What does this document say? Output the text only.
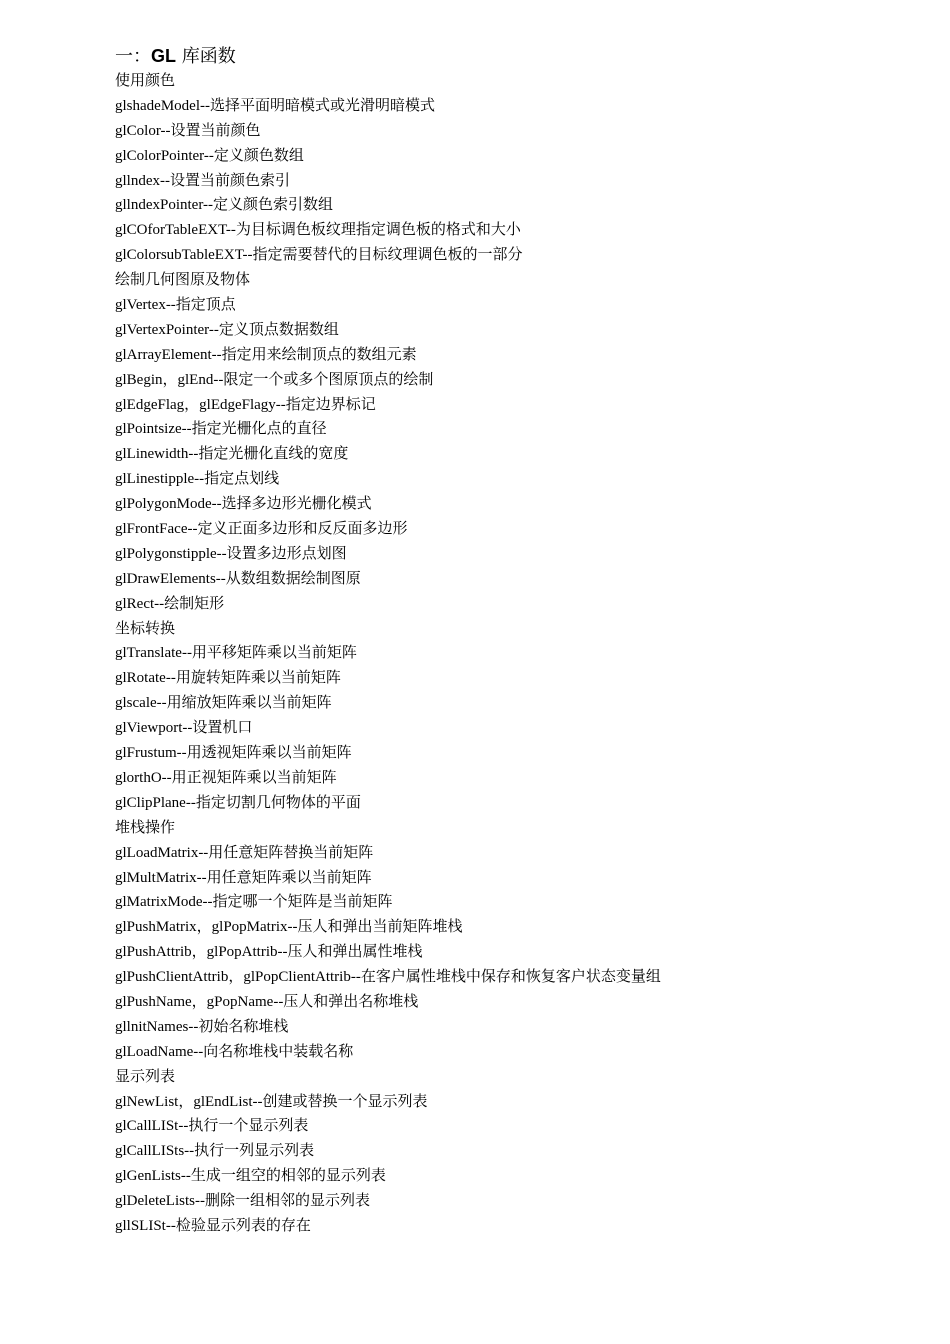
一：GL 库函数
使用颜色
glshadeModel--选择平面明暗模式或光滑明暗模式
glColor--设置当前颜色
glColorPointer--定义颜色数组
gllndex--设置当前颜色索引
gllndexPointer--定义颜色索引数组
glCOforTableEXT--为目标调色板纹理指定调色板的格式和大小
glColorsubTableEXT--指定需要替代的目标纹理调色板的一部分
绘制几何图原及物体
glVertex--指定顶点
glVertexPointer--定义顶点数据数组
glArrayElement--指定用来绘制顶点的数组元素
glBegin，glEnd--限定一个或多个图原顶点的绘制
glEdgeFlag，glEdgeFlagy--指定边界标记
glPointsize--指定光栅化点的直径
glLinewidth--指定光栅化直线的宽度
glLinestipple--指定点划线
glPolygonMode--选择多边形光栅化模式
glFrontFace--定义正面多边形和反反面多边形
glPolygonstipple--设置多边形点划图
glDrawElements--从数组数据绘制图原
glRect--绘制矩形
坐标转换
glTranslate--用平移矩阵乘以当前矩阵
glRotate--用旋转矩阵乘以当前矩阵
glscale--用缩放矩阵乘以当前矩阵
glViewport--设置机口
glFrustum--用透视矩阵乘以当前矩阵
glorthO--用正视矩阵乘以当前矩阵
glClipPlane--指定切割几何物体的平面
堆栈操作
glLoadMatrix--用任意矩阵替换当前矩阵
glMultMatrix--用任意矩阵乘以当前矩阵
glMatrixMode--指定哪一个矩阵是当前矩阵
glPushMatrix，glPopMatrix--压人和弹出当前矩阵堆栈
glPushAttrib，glPopAttrib--压人和弹出属性堆栈
glPushClientAttrib，glPopClientAttrib--在客户属性堆栈中保存和恢复客户状态变量组
glPushName，gPopName--压人和弹出名称堆栈
gllnitNames--初始名称堆栈
glLoadName--向名称堆栈中装载名称
显示列表
glNewList，glEndList--创建或替换一个显示列表
glCallLISt--执行一个显示列表
glCallLISts--执行一列显示列表
glGenLists--生成一组空的相邻的显示列表
glDeleteLists--删除一组相邻的显示列表
gllSLISt--检验显示列表的存在
